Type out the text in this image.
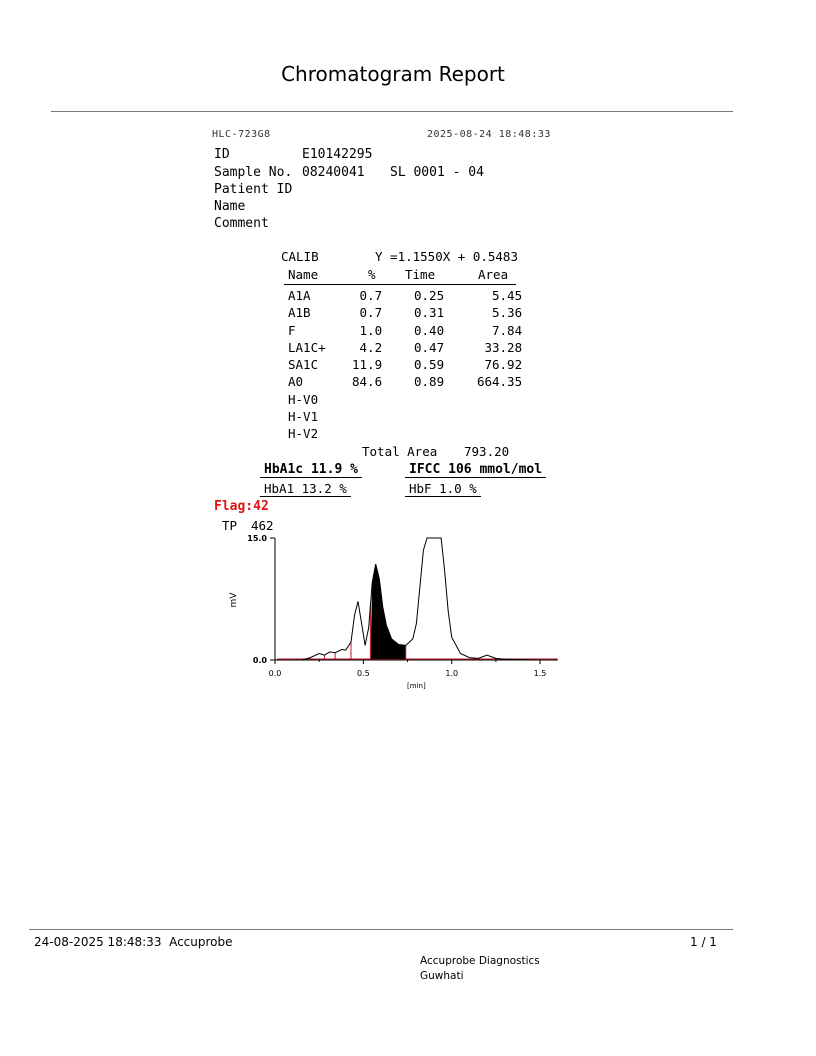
Chromatogram Report
HLC-723G8	2025-08-24 18:48:33
ID	E10142295
Sample No. 08240041 SL 0001 - 04
Patient ID
Name
Comment
CALIB	Y =1.1550X + 0.5483
Name	% Time	Area
A1A	0.7	0.25	5.45
A1B	0.7	0.31	5.36
F	1.0	0.40	7.84
LA1C+	4.2	0.47	33.28
SA1C	11.9	0.59	76.92
A0	84.6	0.89	664.35
H-V0			
H-V1			
H-V2			
Total Area 793.20
HbA1c 11.9 %	IFCC 106 mmol/mol
HbA1 13.2 %	HbF 1.0 %
Flag:42
TP 462
0.0
15.0
0.0	0.5	1.0	1.5
[min]
mV
24-08-2025 18:48:33  Accuprobe	1 / 1
Accuprobe Diagnostics
Guwhati
